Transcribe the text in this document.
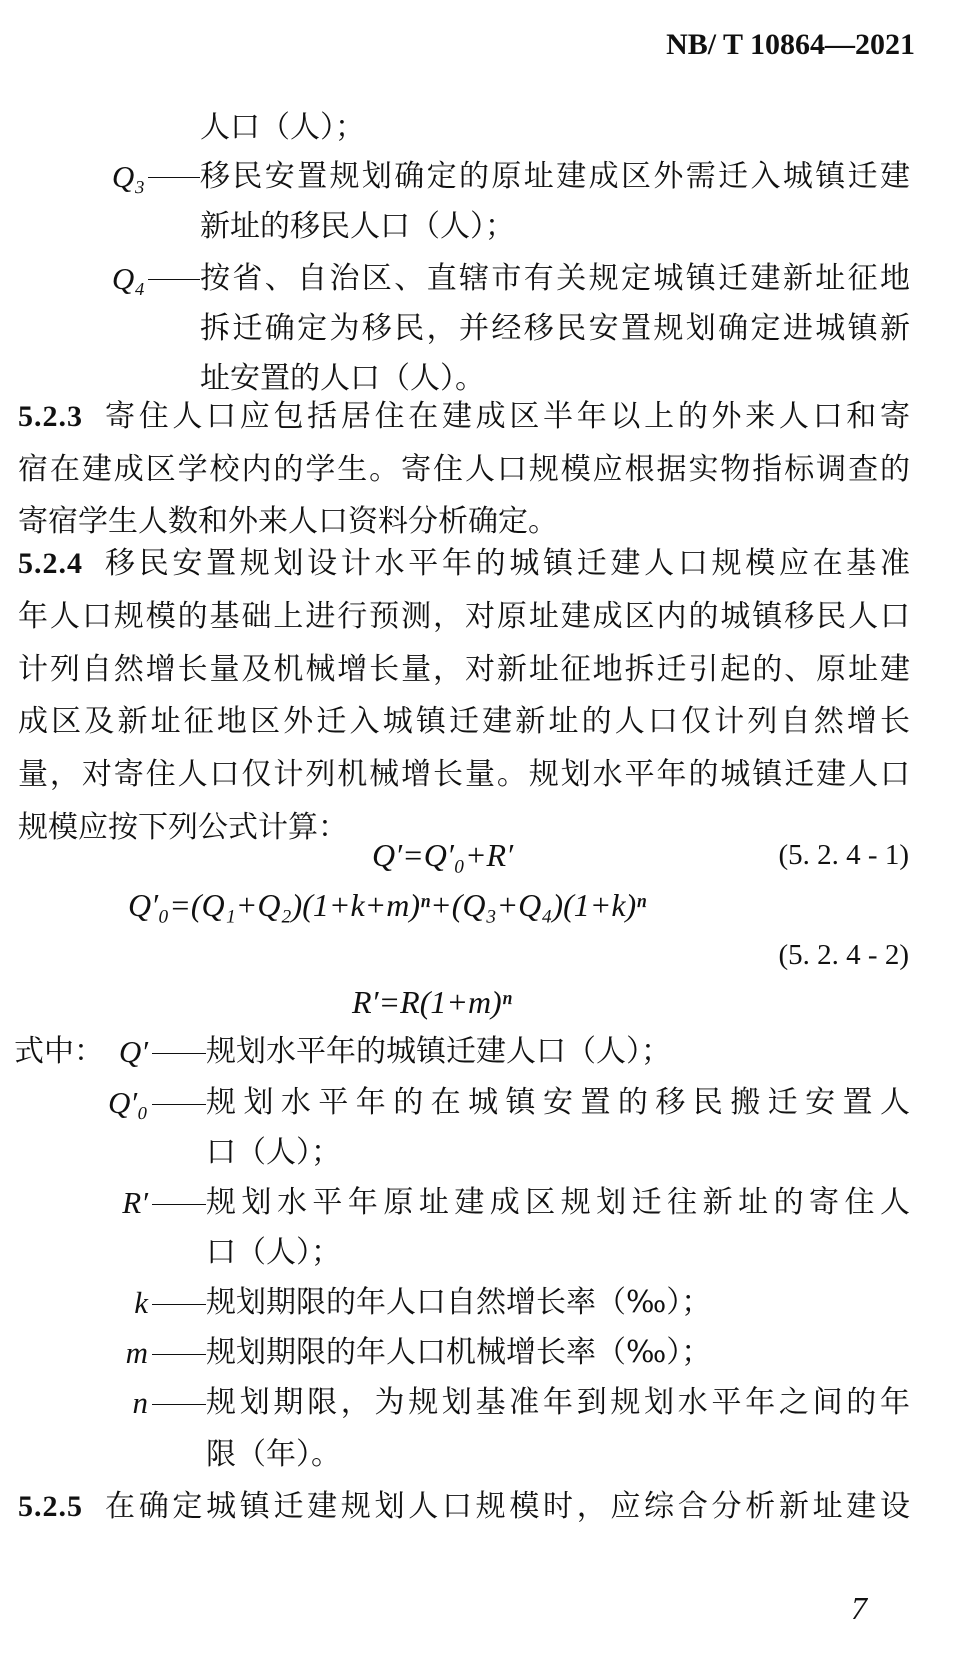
NB/ T 10864—2021
人口（人）；
Q₃ 移民安置规划确定的原址建成区外需迁入城镇迁建
新址的移民人口（人）；
Q₄ 按省、自治区、直辖市有关规定城镇迁建新址征地
拆迁确定为移民，并经移民安置规划确定进城镇新
址安置的人口（人）。
5.2.3 寄住人口应包括居住在建成区半年以上的外来人口和寄
宿在建成区学校内的学生。寄住人口规模应根据实物指标调查的
寄宿学生人数和外来人口资料分析确定。
5.2.4 移民安置规划设计水平年的城镇迁建人口规模应在基准
年人口规模的基础上进行预测，对原址建成区内的城镇移民人口
计列自然增长量及机械增长量，对新址征地拆迁引起的、原址建
成区及新址征地区外迁入城镇迁建新址的人口仅计列自然增长
量，对寄住人口仅计列机械增长量。规划水平年的城镇迁建人口
规模应按下列公式计算：
Q′=Q′₀+R′	(5. 2. 4 - 1)
Q′₀=(Q₁+Q₂)(1+k+m)ⁿ+(Q₃+Q₄)(1+k)ⁿ
(5. 2. 4 - 2)
R′=R(1+m)ⁿ
式中： Q′ 规划水平年的城镇迁建人口（人）；
Q′₀ 规划水平年的在城镇安置的移民搬迁安置人
口（人）；
R′ 规划水平年原址建成区规划迁往新址的寄住人
口（人）；
k 规划期限的年人口自然增长率（‰）；
m 规划期限的年人口机械增长率（‰）；
n 规划期限，为规划基准年到规划水平年之间的年
限（年）。
5.2.5 在确定城镇迁建规划人口规模时，应综合分析新址建设
7
